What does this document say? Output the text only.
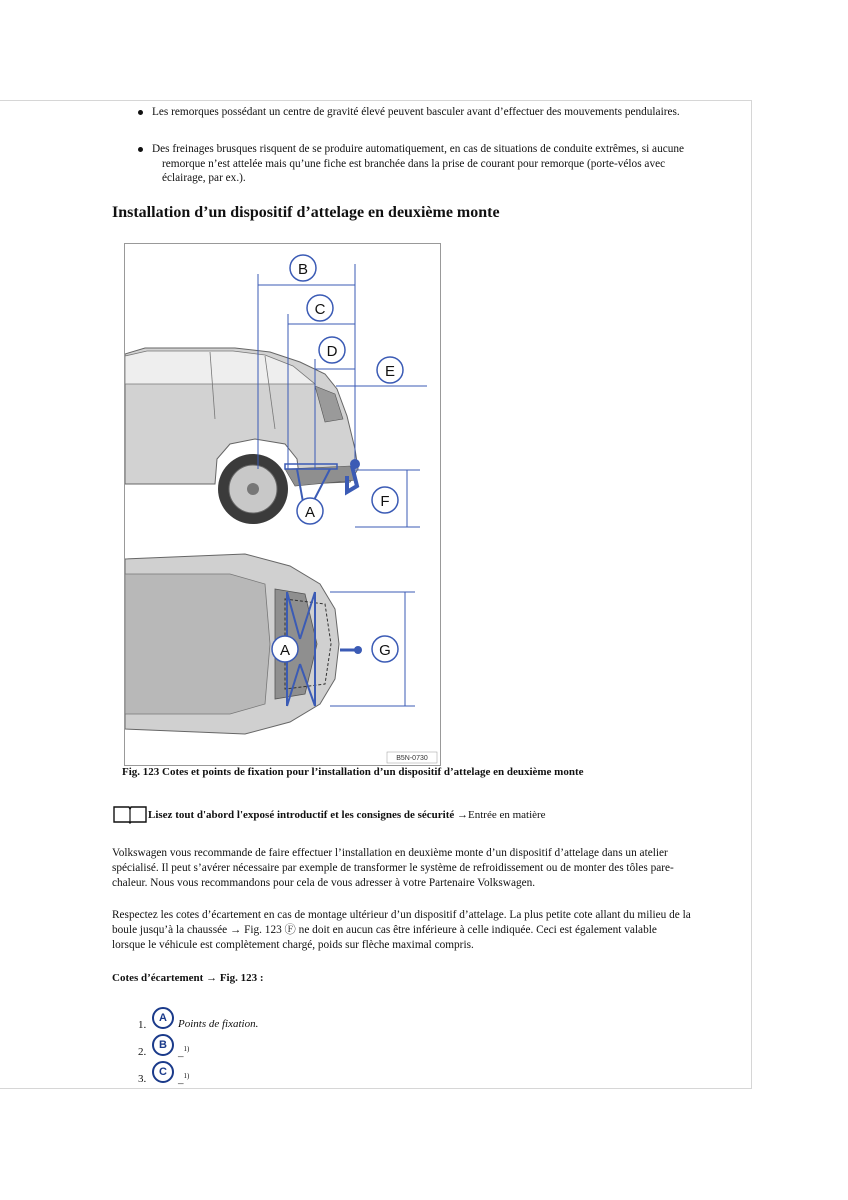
Les remorques possédant un centre de gravité élevé peuvent basculer avant d’effectuer des mouvements pendulaires.
Des freinages brusques risquent de se produire automatiquement, en cas de situations de conduite extrêmes, si aucune
remorque n’est attelée mais qu’une fiche est branchée dans la prise de courant pour remorque (porte-vélos avec
éclairage, par ex.).
Installation d’un dispositif d’attelage en deuxième monte
B
C
D
E
F
A
A	G
B5N-0730
Fig. 123 Cotes et points de fixation pour l’installation d’un dispositif d’attelage en deuxième monte
Lisez tout d'abord l'exposé introductif et les consignes de sécurité →Entrée en matière
Volkswagen vous recommande de faire effectuer l’installation en deuxième monte d’un dispositif d’attelage dans un atelier
spécialisé. Il peut s’avérer nécessaire par exemple de transformer le système de refroidissement ou de monter des tôles pare-
chaleur. Nous vous recommandons pour cela de vous adresser à votre Partenaire Volkswagen.
Respectez les cotes d’écartement en cas de montage ultérieur d’un dispositif d’attelage. La plus petite cote allant du milieu de la
boule jusqu’à la chaussée → Fig. 123 Ⓕ ne doit en aucun cas être inférieure à celle indiquée. Ceci est également valable
lorsque le véhicule est complètement chargé, poids sur flèche maximal compris.
Cotes d’écartement → Fig. 123 :
1.
A	Points de fixation.
2.
B
_$^{1)}$
3.
C
_$^{1)}$
